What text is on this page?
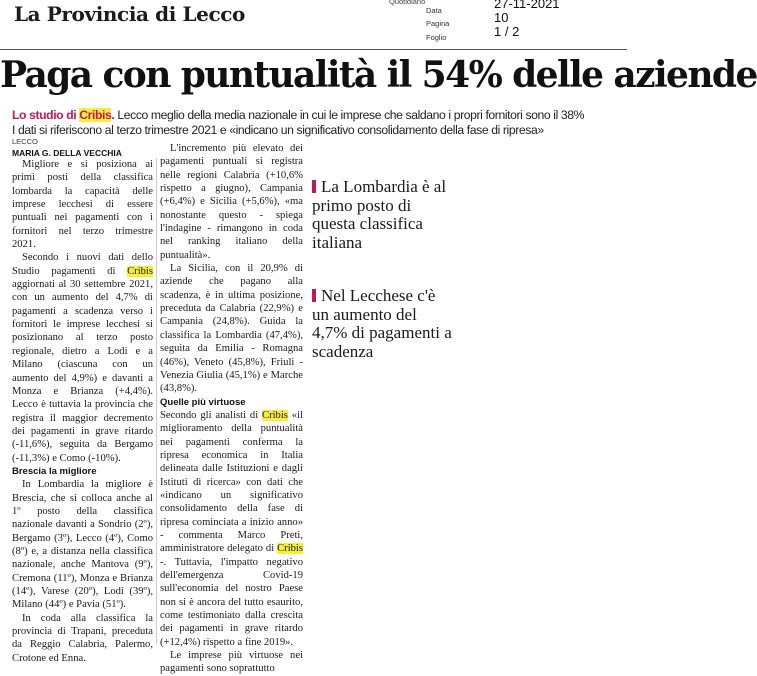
La Provincia di Lecco
Quotidiano
Data	27-11-2021
Pagina	10
Foglio	1 / 2
Paga con puntualità il 54% delle aziende
Lo studio di Cribis. Lecco meglio della media nazionale in cui le imprese che saldano i propri fornitori sono il 38%
I dati si riferiscono al terzo trimestre 2021 e «indicano un significativo consolidamento della fase di ripresa»
LECCO
MARIA G. DELLA VECCHIA

Migliore e si posiziona ai primi posti della classifica lombarda la capacità delle imprese lecchesi di essere puntuali nei pagamenti con i fornitori nel terzo trimestre 2021.

Secondo i nuovi dati dello Studio pagamenti di Cribis aggiornati al 30 settembre 2021, con un aumento del 4,7% di pagamenti a scadenza verso i fornitori le imprese lecchesi si posizionano al terzo posto regionale, dietro a Lodi e a Milano (ciascuna con un aumento del 4,9%) e davanti a Monza e Brianza (+4,4%). Lecco è tuttavia la provincia che registra il maggior decremento dei pagamenti in grave ritardo (-11,6%), seguita da Bergamo (-11,3%) e Como (-10%).

Brescia la migliore

In Lombardia la migliore è Brescia, che si colloca anche al 1º posto della classifica nazionale davanti a Sondrio (2º), Bergamo (3º), Lecco (4º), Como (8º) e, a distanza nella classifica nazionale, anche Mantova (9º), Cremona (11º), Monza e Brianza (14º), Varese (20º), Lodi (39º), Milano (44º) e Pavia (51º).

In coda alla classifica la provincia di Trapani, preceduta da Reggio Calabria, Palermo, Crotone ed Enna.

L'incremento più elevato dei pagamenti puntuali si registra nelle regioni Calabria (+10,6% rispetto a giugno), Campania (+6,4%) e Sicilia (+5,6%), «ma nonostante questo - spiega l'indagine - rimangono in coda nel ranking italiano della puntualità».

La Sicilia, con il 20,9% di aziende che pagano alla scadenza, è in ultima posizione, preceduta da Calabria (22,9%) e Campania (24,8%). Guida la classifica la Lombardia (47,4%), seguita da Emilia - Romagna (46%), Veneto (45,8%), Friuli - Venezia Giulia (45,1%) e Marche (43,8%).

Quelle più virtuose

Secondo gli analisti di Cribis «il miglioramento della puntualità nei pagamenti conferma la ripresa economica in Italia delineata dalle Istituzioni e dagli Istituti di ricerca» con dati che «indicano un significativo consolidamento della fase di ripresa cominciata a inizio anno» - commenta Marco Preti, amministratore delegato di Cribis -. Tuttavia, l'impatto negativo dell'emergenza Covid-19 sull'economia del nostro Paese non si è ancora del tutto esaurito, come testimoniato dalla crescita dei pagamenti in grave ritardo (+12,4%) rispetto a fine 2019».

Le imprese più virtuose nei pagamenti sono soprattutto

La Lombardia è al primo posto di questa classifica italiana
Nel Lecchese c'è un aumento del 4,7% di pagamenti a scadenza
